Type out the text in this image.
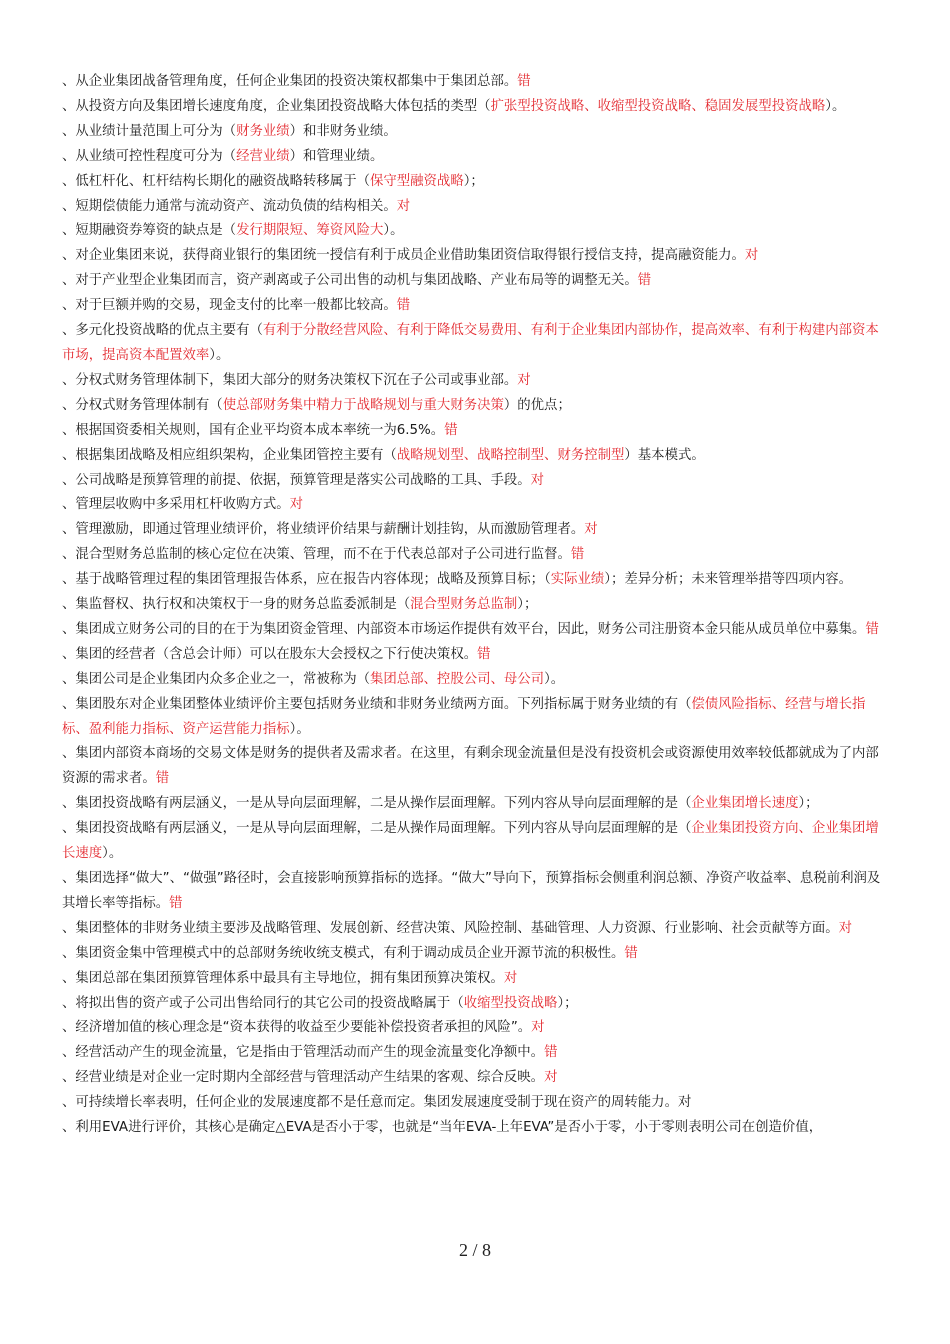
、从企业集团战备管理角度，任何企业集团的投资决策权都集中于集团总部。错

、从投资方向及集团增长速度角度，企业集团投资战略大体包括的类型（扩张型投资战略、收缩型投资战略、稳固发展型投资战略）。

、从业绩计量范围上可分为（财务业绩）和非财务业绩。

、从业绩可控性程度可分为（经营业绩）和管理业绩。

、低杠杆化、杠杆结构长期化的融资战略转移属于（保守型融资战略）；

、短期偿债能力通常与流动资产、流动负债的结构相关。对

、短期融资券筹资的缺点是（发行期限短、筹资风险大）。

、对企业集团来说，获得商业银行的集团统一授信有利于成员企业借助集团资信取得银行授信支持，提高融资能力。对

、对于产业型企业集团而言，资产剥离或子公司出售的动机与集团战略、产业布局等的调整无关。错

、对于巨额并购的交易，现金支付的比率一般都比较高。错

、多元化投资战略的优点主要有（有利于分散经营风险、有利于降低交易费用、有利于企业集团内部协作，提高效率、有利于构建内部资本市场，提高资本配置效率）。

、分权式财务管理体制下，集团大部分的财务决策权下沉在子公司或事业部。对

、分权式财务管理体制有（使总部财务集中精力于战略规划与重大财务决策）的优点；

、根据国资委相关规则，国有企业平均资本成本率统一为6.5%。错

、根据集团战略及相应组织架构，企业集团管控主要有（战略规划型、战略控制型、财务控制型）基本模式。

、公司战略是预算管理的前提、依据，预算管理是落实公司战略的工具、手段。对

、管理层收购中多采用杠杆收购方式。对

、管理激励，即通过管理业绩评价，将业绩评价结果与薪酬计划挂钩，从而激励管理者。对

、混合型财务总监制的核心定位在决策、管理，而不在于代表总部对子公司进行监督。错

、基于战略管理过程的集团管理报告体系，应在报告内容体现；战略及预算目标；（实际业绩）；差异分析；未来管理举措等四项内容。

、集监督权、执行权和决策权于一身的财务总监委派制是（混合型财务总监制）；

、集团成立财务公司的目的在于为集团资金管理、内部资本市场运作提供有效平台，因此，财务公司注册资本金只能从成员单位中募集。错

、集团的经营者（含总会计师）可以在股东大会授权之下行使决策权。错

、集团公司是企业集团内众多企业之一，常被称为（集团总部、控股公司、母公司）。

、集团股东对企业集团整体业绩评价主要包括财务业绩和非财务业绩两方面。下列指标属于财务业绩的有（偿债风险指标、经营与增长指标、盈利能力指标、资产运营能力指标）。

、集团内部资本商场的交易文体是财务的提供者及需求者。在这里，有剩余现金流量但是没有投资机会或资源使用效率较低都就成为了内部资源的需求者。错

、集团投资战略有两层涵义，一是从导向层面理解，二是从操作层面理解。下列内容从导向层面理解的是（企业集团增长速度）；

、集团投资战略有两层涵义，一是从导向层面理解，二是从操作局面理解。下列内容从导向层面理解的是（企业集团投资方向、企业集团增长速度）。

、集团选择“做大”、“做强”路径时，会直接影响预算指标的选择。“做大”导向下，预算指标会侧重利润总额、净资产收益率、息税前利润及其增长率等指标。错

、集团整体的非财务业绩主要涉及战略管理、发展创新、经营决策、风险控制、基础管理、人力资源、行业影响、社会贡献等方面。对

、集团资金集中管理模式中的总部财务统收统支模式，有利于调动成员企业开源节流的积极性。错

、集团总部在集团预算管理体系中最具有主导地位，拥有集团预算决策权。对

、将拟出售的资产或子公司出售给同行的其它公司的投资战略属于（收缩型投资战略）；

、经济增加值的核心理念是“资本获得的收益至少要能补偿投资者承担的风险”。对

、经营活动产生的现金流量，它是指由于管理活动而产生的现金流量变化净额中。错

、经营业绩是对企业一定时期内全部经营与管理活动产生结果的客观、综合反映。对

、可持续增长率表明，任何企业的发展速度都不是任意而定。集团发展速度受制于现在资产的周转能力。对

、利用EVA进行评价，其核心是确定△EVA是否小于零，也就是“当年EVA-上年EVA”是否小于零，小于零则表明公司在创造价值，

2 / 8
